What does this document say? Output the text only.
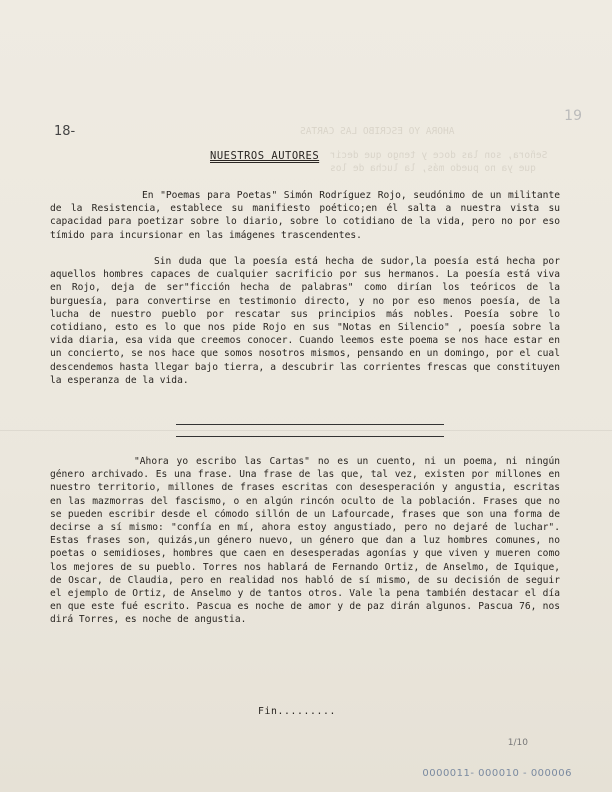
AHORA YO ESCRIBO LAS CARTAS
Señora, son las doce y tengo que decir
que ya no puedo más, la lucha de los
18-
19
NUESTROS AUTORES
En "Poemas para Poetas" Simón Rodríguez Rojo, seudónimo de un militante de la Resistencia, establece su manifiesto poético;en él salta a nuestra vista su capacidad para poetizar sobre lo diario, sobre lo cotidiano de la vida, pero no por eso tímido para incursionar en las imágenes trascendentes.
Sin duda que la poesía está hecha de sudor,la poesía está hecha por aquellos hombres capaces de cualquier sacrificio por sus hermanos. La poesía está viva en Rojo, deja de ser"ficción hecha de palabras" como dirían los teóricos de la burguesía, para convertirse en testimonio directo, y no por eso menos poesía, de la lucha de nuestro pueblo por rescatar sus principios más nobles. Poesía sobre lo cotidiano, esto es lo que nos pide Rojo en sus "Notas en Silencio" , poesía sobre la vida diaria, esa vida que creemos conocer. Cuando leemos este poema se nos hace estar en un concierto, se nos hace que somos nosotros mismos, pensando en un domingo, por el cual descendemos hasta llegar bajo tierra, a descubrir las corrientes frescas que constituyen la esperanza de la vida.
"Ahora yo escribo las Cartas" no es un cuento, ni un poema, ni ningún género archivado. Es una frase. Una frase de las que, tal vez, existen por millones en nuestro territorio, millones de frases escritas con desesperación y angustia, escritas en las mazmorras del fascismo, o en algún rincón oculto de la población. Frases que no se pueden escribir desde el cómodo sillón de un Lafourcade, frases que son una forma de decirse a sí mismo: "confía en mí, ahora estoy angustiado, pero no dejaré de luchar". Estas frases son, quizás,un género nuevo, un género que dan a luz hombres comunes, no poetas o semidioses, hombres que caen en desesperadas agonías y que viven y mueren como los mejores de su pueblo. Torres nos hablará de Fernando Ortiz, de Anselmo, de Iquique, de Oscar, de Claudia, pero en realidad nos habló de sí mismo, de su decisión de seguir el ejemplo de Ortiz, de Anselmo y de tantos otros. Vale la pena también destacar el día en que este fué escrito. Pascua es noche de amor y de paz dirán algunos. Pascua 76, nos dirá Torres, es noche de angustia.
Fin.........
1/10
0000011- 000010 - 000006
